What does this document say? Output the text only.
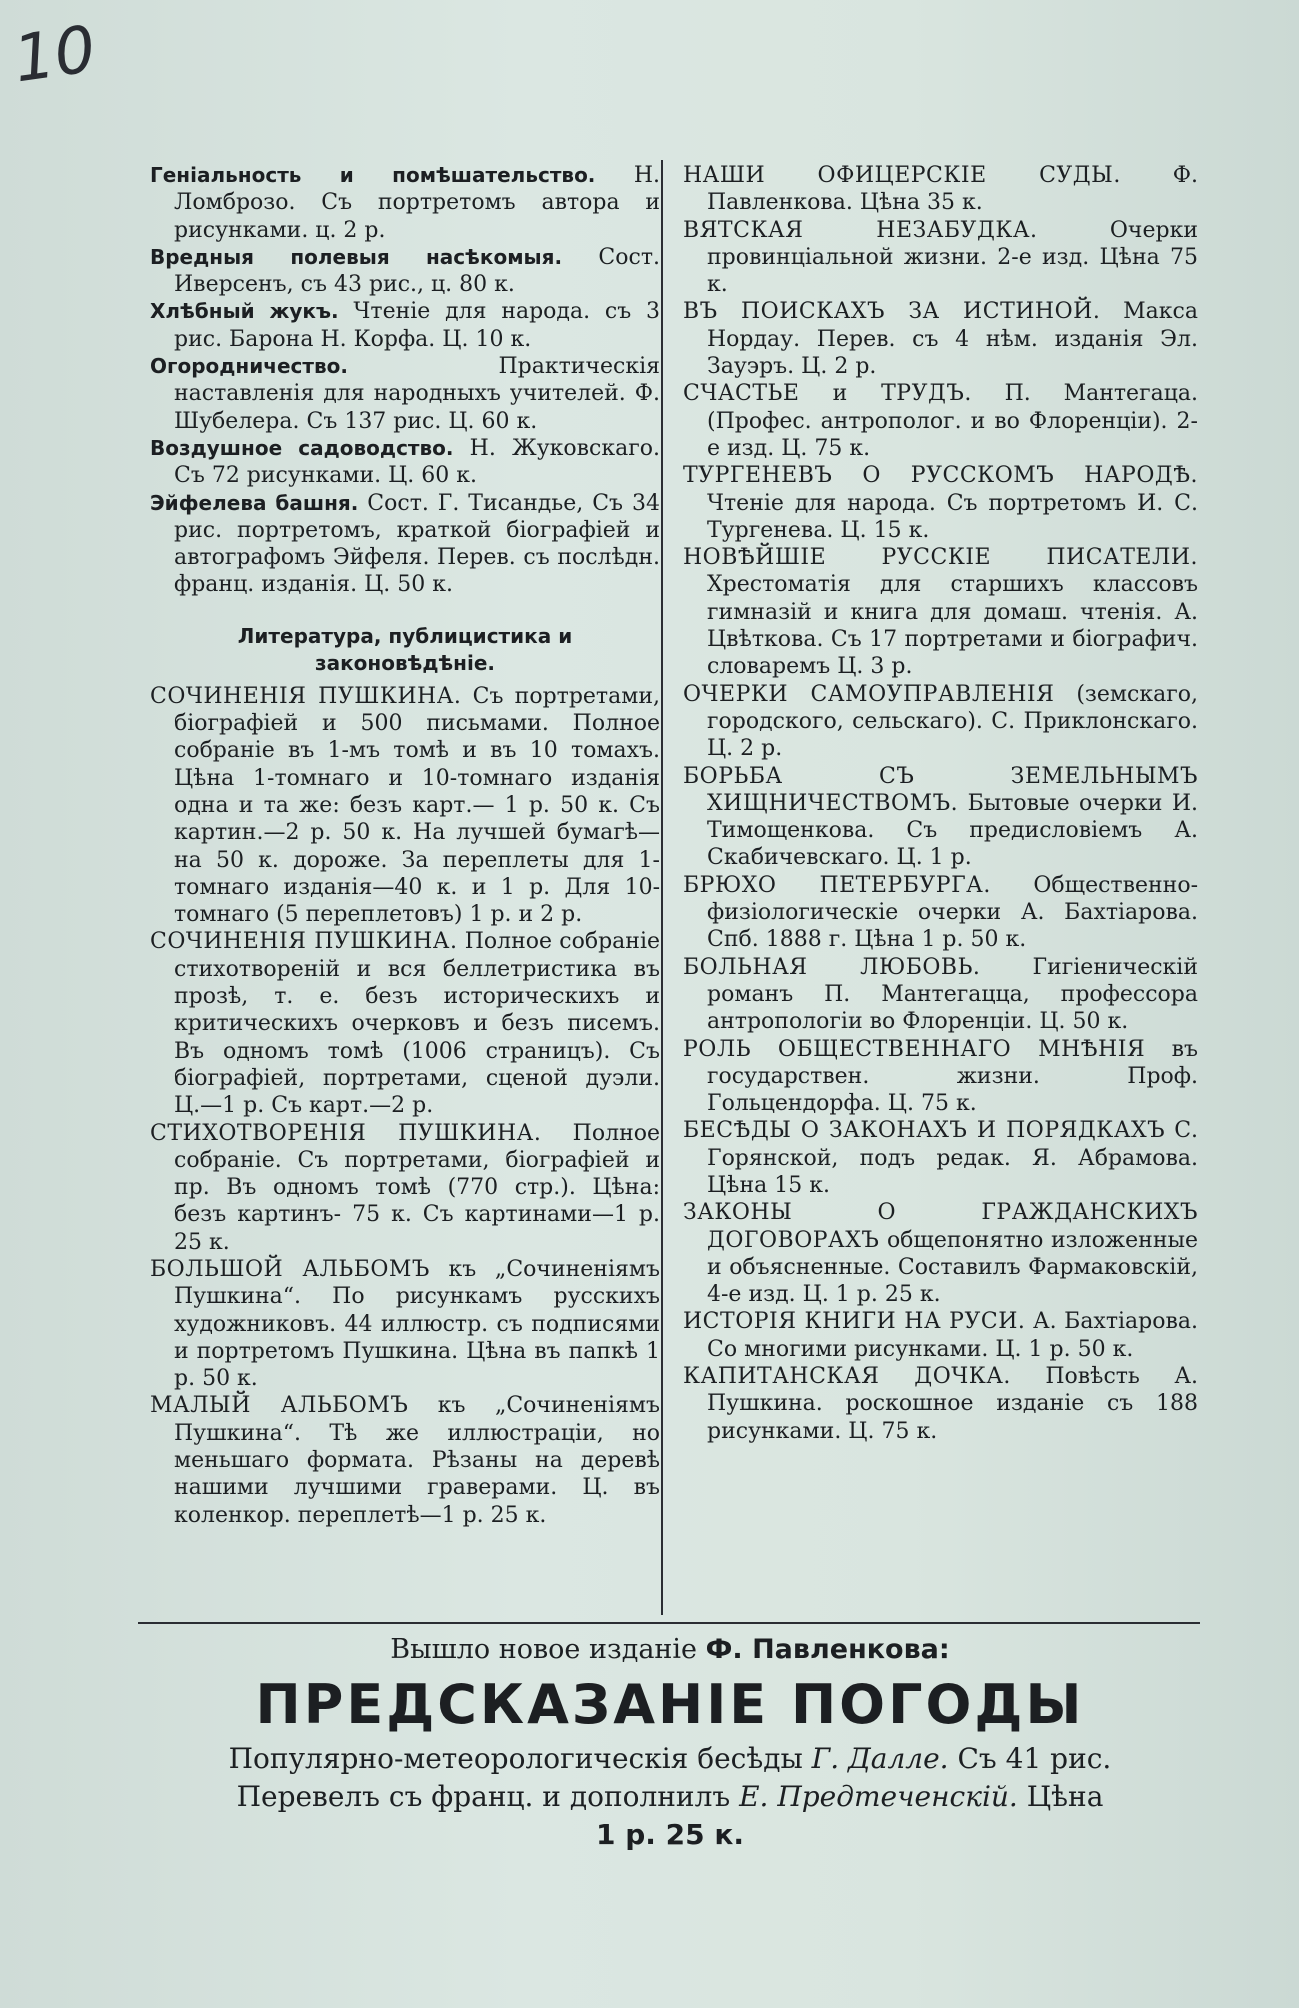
10

Геніальность и помѣшательство. Н. Ломброзо. Съ портретомъ автора и рисунками. ц. 2 р.

Вредныя полевыя насѣкомыя. Сост. Иверсенъ, съ 43 рис., ц. 80 к.

Хлѣбный жукъ. Чтеніе для народа. съ 3 рис. Барона Н. Корфа. Ц. 10 к.

Огородничество.	Практическія наставленія для народныхъ учителей. Ф. Шубелера. Съ 137 рис. Ц. 60 к.

Воздушное садоводство. Н. Жуковскаго. Съ 72 рисунками. Ц. 60 к.

Эйфелева башня. Сост. Г. Тисандье, Съ 34 рис. портретомъ, краткой біографіей и автографомъ Эйфеля. Перев. съ послѣдн. франц. изданія. Ц. 50 к.

Литература, публицистика и законовѣдѣніе.

СОЧИНЕНІЯ ПУШКИНА. Съ портретами, біографіей и 500 письмами. Полное собраніе въ 1-мъ томѣ и въ 10 томахъ. Цѣна 1-томнаго и 10-томнаго изданія одна и та же: безъ карт.— 1 р. 50 к. Съ картин.—2 р. 50 к. На лучшей бумагѣ—на 50 к. дороже. За переплеты для 1-томнаго изданія—40 к. и 1 р. Для 10-томнаго (5 переплетовъ) 1 р. и 2 р.

СОЧИНЕНІЯ ПУШКИНА. Полное собраніе стихотвореній и вся беллетристика въ прозѣ, т. е. безъ историческихъ и критическихъ очерковъ и безъ писемъ. Въ одномъ томѣ (1006 страницъ). Съ біографіей, портретами, сценой дуэли. Ц.—1 р. Съ карт.—2 р.

СТИХОТВОРЕНІЯ ПУШКИНА. Полное собраніе. Съ портретами, біографіей и пр. Въ одномъ томѣ (770 стр.). Цѣна: безъ картинъ- 75 к. Съ картинами—1 р. 25 к.

БОЛЬШОЙ АЛЬБОМЪ къ „Сочиненіямъ Пушкина“. По рисункамъ русскихъ художниковъ. 44 иллюстр. съ подписями и портретомъ Пушкина. Цѣна въ папкѣ 1 р. 50 к.

МАЛЫЙ АЛЬБОМЪ къ „Сочиненіямъ Пушкина“. Тѣ же иллюстраціи, но меньшаго формата. Рѣзаны на деревѣ нашими лучшими граверами. Ц. въ коленкор. переплетѣ—1 р. 25 к.

НАШИ ОФИЦЕРСКІЕ СУДЫ. Ф. Павленкова. Цѣна 35 к.

ВЯТСКАЯ НЕЗАБУДКА.	Очерки провинціальной жизни. 2-е изд. Цѣна 75 к.

ВЪ ПОИСКАХЪ ЗА ИСТИНОЙ. Макса Нордау. Перев. съ 4 нѣм. изданія Эл. Зауэръ. Ц. 2 р.

СЧАСТЬЕ и ТРУДЪ. П. Мантегаца. (Профес. антрополог. и во Флоренціи). 2-е изд. Ц. 75 к.

ТУРГЕНЕВЪ О РУССКОМЪ НАРОДѢ. Чтеніе для народа. Съ портретомъ И. С. Тургенева. Ц. 15 к.

НОВѢЙШІЕ РУССКІЕ ПИСАТЕЛИ. Хрестоматія для старшихъ классовъ гимназій и книга для домаш. чтенія. А. Цвѣткова. Съ 17 портретами и біографич. словаремъ Ц. 3 р.

ОЧЕРКИ САМОУПРАВЛЕНІЯ (земскаго, городского, сельскаго). С. Приклонскаго. Ц. 2 р.

БОРЬБА СЪ ЗЕМЕЛЬНЫМЪ ХИЩНИЧЕСТВОМЪ. Бытовые очерки И. Тимощенкова. Съ предисловіемъ А. Скабичевскаго. Ц. 1 р.

БРЮХО ПЕТЕРБУРГА. Общественно-физіологическіе очерки А. Бахтіарова. Спб. 1888 г. Цѣна 1 р. 50 к.

БОЛЬНАЯ ЛЮБОВЬ. Гигіеническій романъ П. Мантегацца, профессора антропологіи во Флоренціи. Ц. 50 к.

РОЛЬ ОБЩЕСТВЕННАГО МНѢНІЯ въ государствен. жизни. Проф. Гольцендорфа. Ц. 75 к.

БЕСѢДЫ О ЗАКОНАХЪ И ПОРЯДКАХЪ С. Горянской, подъ редак. Я. Абрамова. Цѣна 15 к.

ЗАКОНЫ О ГРАЖДАНСКИХЪ ДОГОВОРАХЪ общепонятно изложенные и объясненные. Составилъ Фармаковскій, 4-е изд. Ц. 1 р. 25 к.

ИСТОРІЯ КНИГИ НА РУСИ. А. Бахтіарова. Со многими рисунками. Ц. 1 р. 50 к.

КАПИТАНСКАЯ ДОЧКА. Повѣсть А. Пушкина. роскошное изданіе съ 188 рисунками. Ц. 75 к.

Вышло новое изданіе Ф. Павленкова:
ПРЕДСКАЗАНІЕ ПОГОДЫ
Популярно-метеорологическія бесѣды Г. Далле. Съ 41 рис.
Перевелъ съ франц. и дополнилъ Е. Предтеченскій. Цѣна
1 р. 25 к.
